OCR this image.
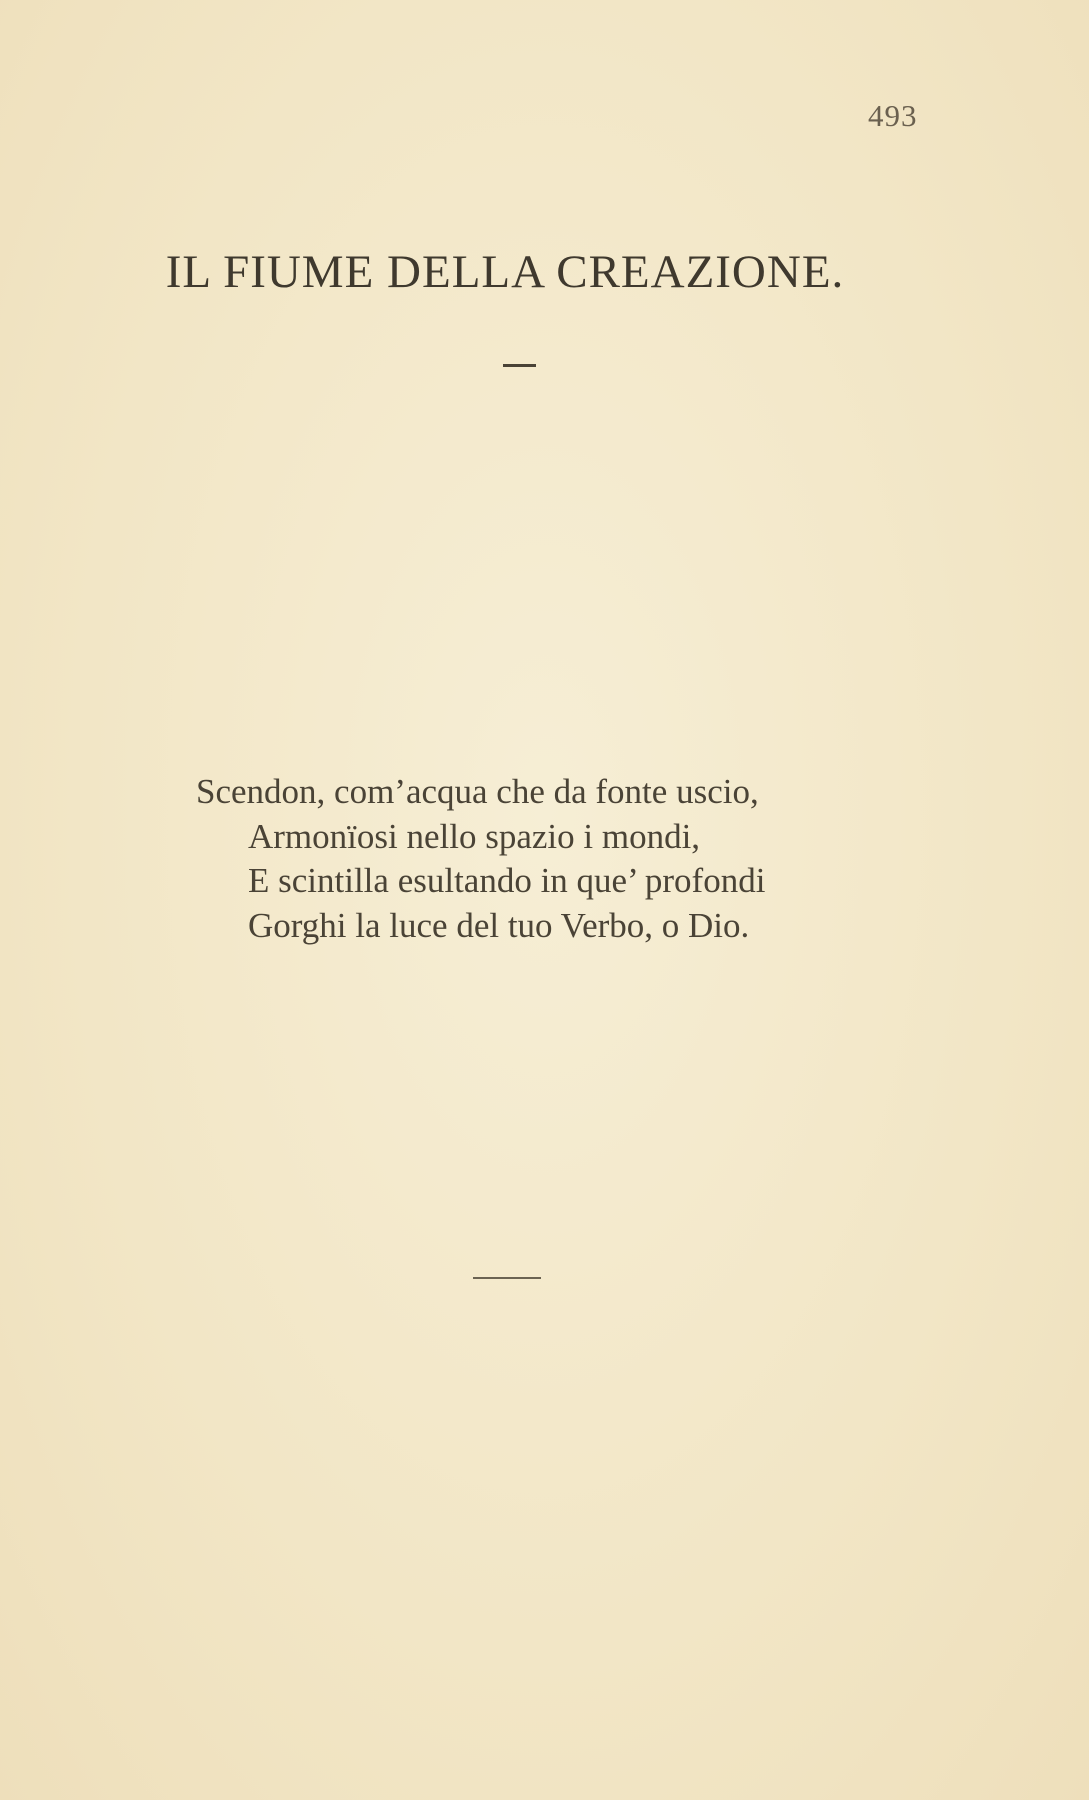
493
IL FIUME DELLA CREAZIONE.
Scendon, com’acqua che da fonte uscio,
Armonïosi nello spazio i mondi,
E scintilla esultando in que’ profondi
Gorghi la luce del tuo Verbo, o Dio.
